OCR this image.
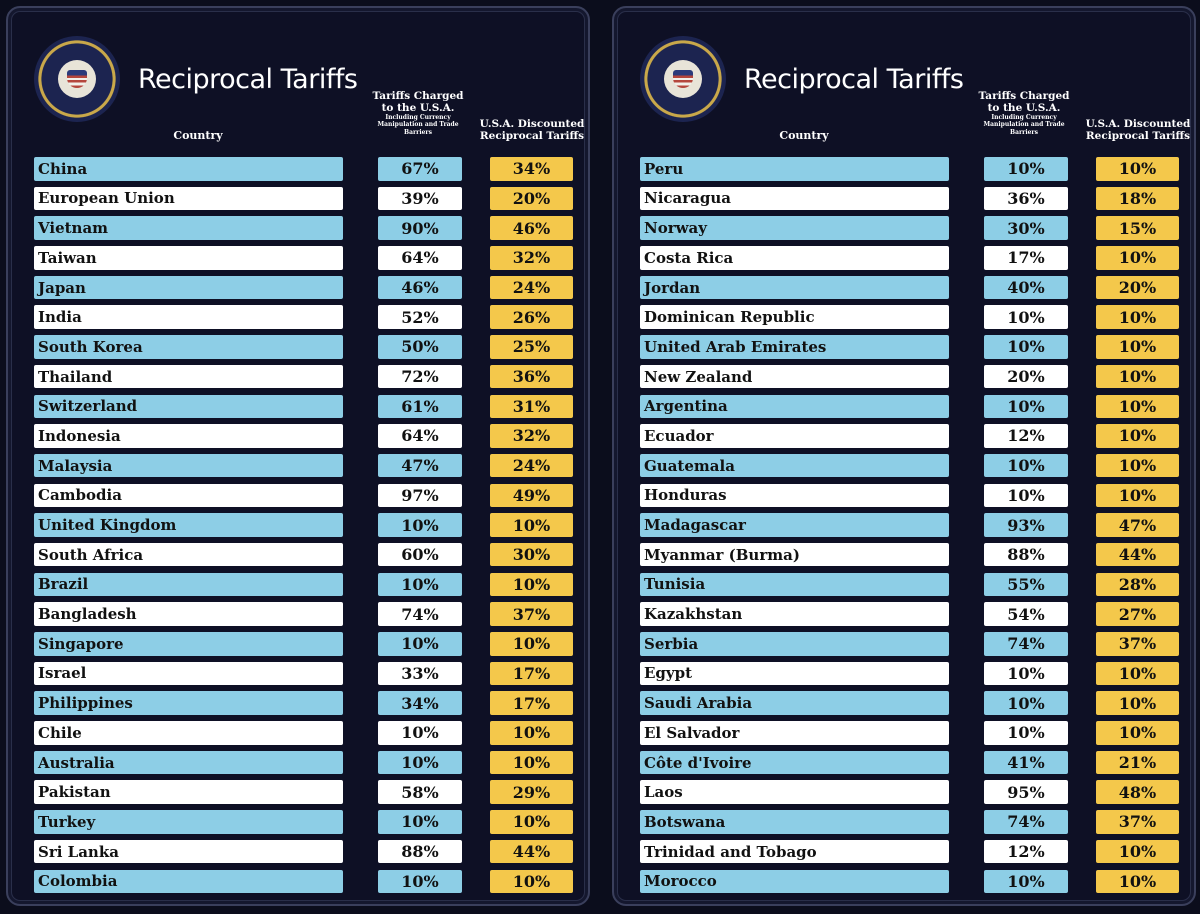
Reciprocal Tariffs
Country
Tariffs Charged to the U.S.A.
Including Currency Manipulation and Trade Barriers
U.S.A. Discounted Reciprocal Tariffs
China	67%	34%
European Union	39%	20%
Vietnam	90%	46%
Taiwan	64%	32%
Japan	46%	24%
India	52%	26%
South Korea	50%	25%
Thailand	72%	36%
Switzerland	61%	31%
Indonesia	64%	32%
Malaysia	47%	24%
Cambodia	97%	49%
United Kingdom	10%	10%
South Africa	60%	30%
Brazil	10%	10%
Bangladesh	74%	37%
Singapore	10%	10%
Israel	33%	17%
Philippines	34%	17%
Chile	10%	10%
Australia	10%	10%
Pakistan	58%	29%
Turkey	10%	10%
Sri Lanka	88%	44%
Colombia	10%	10%
Reciprocal Tariffs
Country
Tariffs Charged to the U.S.A.
Including Currency Manipulation and Trade Barriers
U.S.A. Discounted Reciprocal Tariffs
Peru	10%	10%
Nicaragua	36%	18%
Norway	30%	15%
Costa Rica	17%	10%
Jordan	40%	20%
Dominican Republic	10%	10%
United Arab Emirates	10%	10%
New Zealand	20%	10%
Argentina	10%	10%
Ecuador	12%	10%
Guatemala	10%	10%
Honduras	10%	10%
Madagascar	93%	47%
Myanmar (Burma)	88%	44%
Tunisia	55%	28%
Kazakhstan	54%	27%
Serbia	74%	37%
Egypt	10%	10%
Saudi Arabia	10%	10%
El Salvador	10%	10%
Côte d'Ivoire	41%	21%
Laos	95%	48%
Botswana	74%	37%
Trinidad and Tobago	12%	10%
Morocco	10%	10%
